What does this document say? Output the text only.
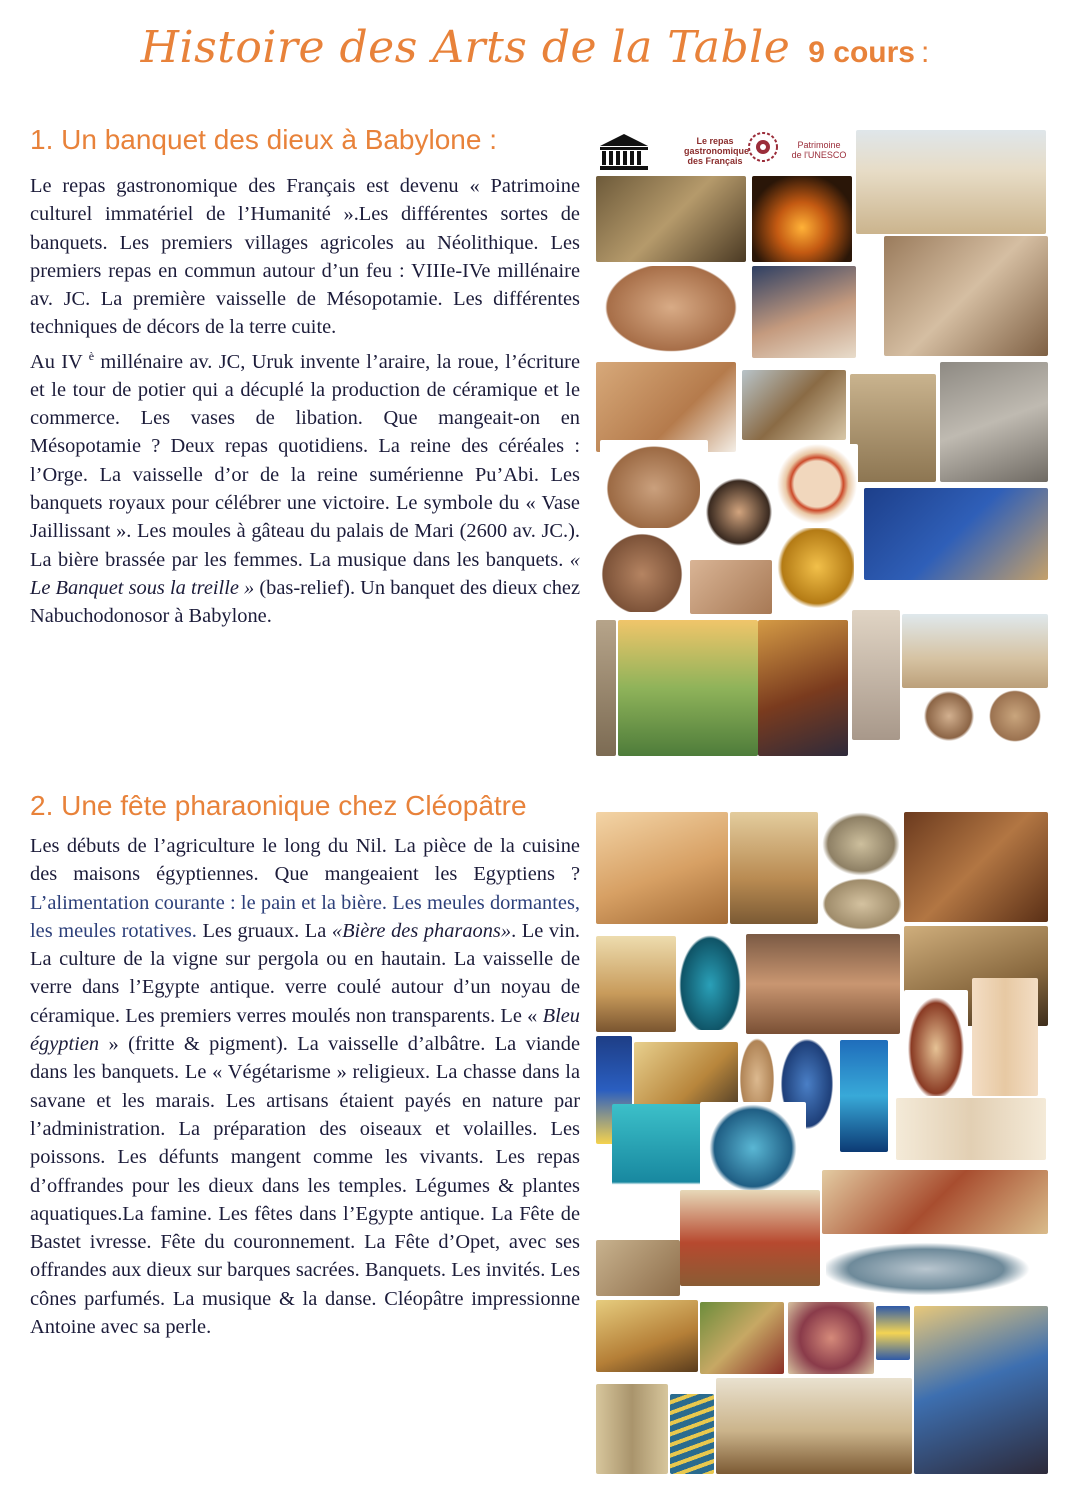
Histoire des Arts de la Table 9 cours :
1. Un banquet des dieux à Babylone :

Le repas gastronomique des Français est devenu « Patrimoine culturel immatériel de l’Humanité ».Les différentes sortes de banquets. Les premiers villages agricoles au Néolithique. Les premiers repas en commun autour d’un feu : VIIIe-IVe millénaire av. JC. La première vaisselle de Mésopotamie. Les différentes techniques de décors de la terre cuite.
Au IV $^è$ millénaire av. JC, Uruk invente l’araire, la roue, l’écriture et le tour de potier qui a décuplé la production de céramique et le commerce. Les vases de libation. Que mangeait-on en Mésopotamie ? Deux repas quotidiens. La reine des céréales : l’Orge. La vaisselle d’or de la reine sumérienne Pu’Abi. Les banquets royaux pour célébrer une victoire. Le symbole du « Vase Jaillissant ». Les moules à gâteau du palais de Mari (2600 av. JC.). La bière brassée par les femmes. La musique dans les banquets. « Le Banquet sous la treille » (bas-relief). Un banquet des dieux chez Nabuchodonosor à Babylone.

2. Une fête pharaonique chez Cléopâtre

Les débuts de l’agriculture le long du Nil. La pièce de la cuisine des maisons égyptiennes. Que mangeaient les Egyptiens ? L’alimentation courante : le pain et la bière. Les meules dormantes, les meules rotatives. Les gruaux. La «Bière des pharaons». Le vin. La culture de la vigne sur pergola ou en hautain. La vaisselle de verre dans l’Egypte antique. verre coulé autour d’un noyau de céramique. Les premiers verres moulés non transparents. Le « Bleu égyptien » (fritte & pigment). La vaisselle d’albâtre. La viande dans les banquets. Le « Végétarisme » religieux. La chasse dans la savane et les marais. Les artisans étaient payés en nature par l’administration. La préparation des oiseaux et volailles. Les poissons. Les défunts mangent comme les vivants. Les repas d’offrandes pour les dieux dans les temples. Légumes & plantes aquatiques.La famine. Les fêtes dans l’Egypte antique. La Fête de Bastet ivresse. Fête du couronnement. La Fête d’Opet, avec ses offrandes aux dieux sur barques sacrées. Banquets. Les invités. Les cônes parfumés. La musique & la danse. Cléopâtre impressionne Antoine avec sa perle.

Le repas
gastronomique
des Français
Patrimoine
de l'UNESCO
